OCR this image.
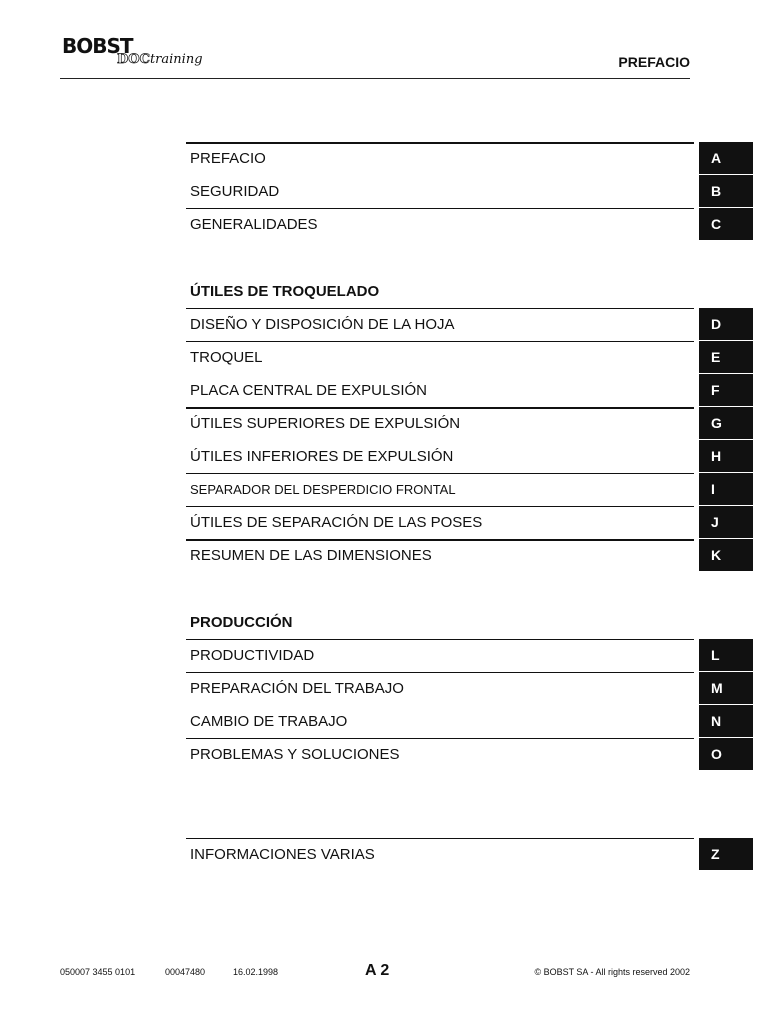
BOBST
DOCtraining	PREFACIO
PREFACIO	A
SEGURIDAD	B
GENERALIDADES	C
ÚTILES DE TROQUELADO
DISEÑO Y DISPOSICIÓN DE LA HOJA	D
TROQUEL	E
PLACA CENTRAL DE EXPULSIÓN	F
ÚTILES SUPERIORES DE EXPULSIÓN	G
ÚTILES INFERIORES DE EXPULSIÓN	H
SEPARADOR DEL DESPERDICIO FRONTAL	I
ÚTILES DE SEPARACIÓN DE LAS POSES	J
RESUMEN DE LAS DIMENSIONES	K
PRODUCCIÓN
PRODUCTIVIDAD	L
PREPARACIÓN DEL TRABAJO	M
CAMBIO DE TRABAJO	N
PROBLEMAS Y SOLUCIONES	O
INFORMACIONES VARIAS	Z
050007 3455 0101	00047480	16.02.1998	A 2	© BOBST SA - All rights reserved 2002
